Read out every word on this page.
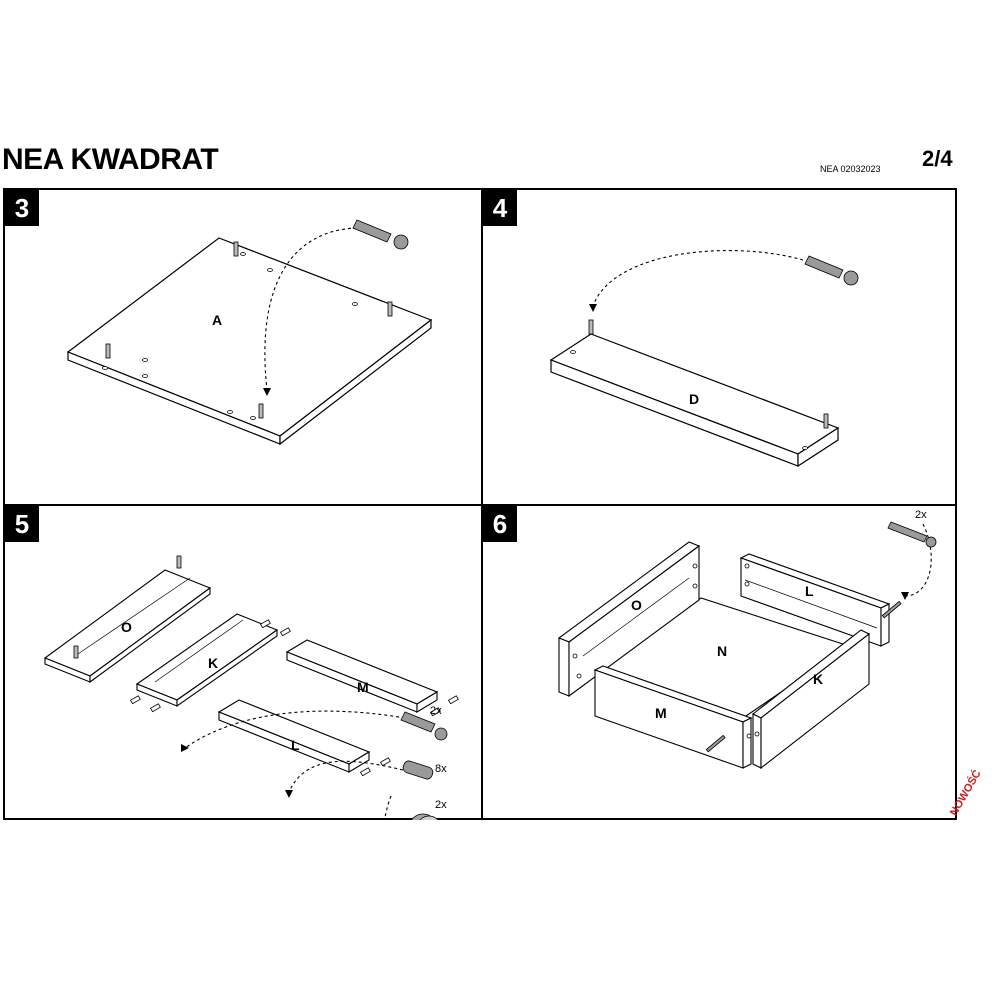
NEA KWADRAT	NEA 02032023 2/4
A
3
D
4
2x
8x
2x
O
K
M
L
5	2x
O
L
N
M
K
6
NOWOŚĆ
